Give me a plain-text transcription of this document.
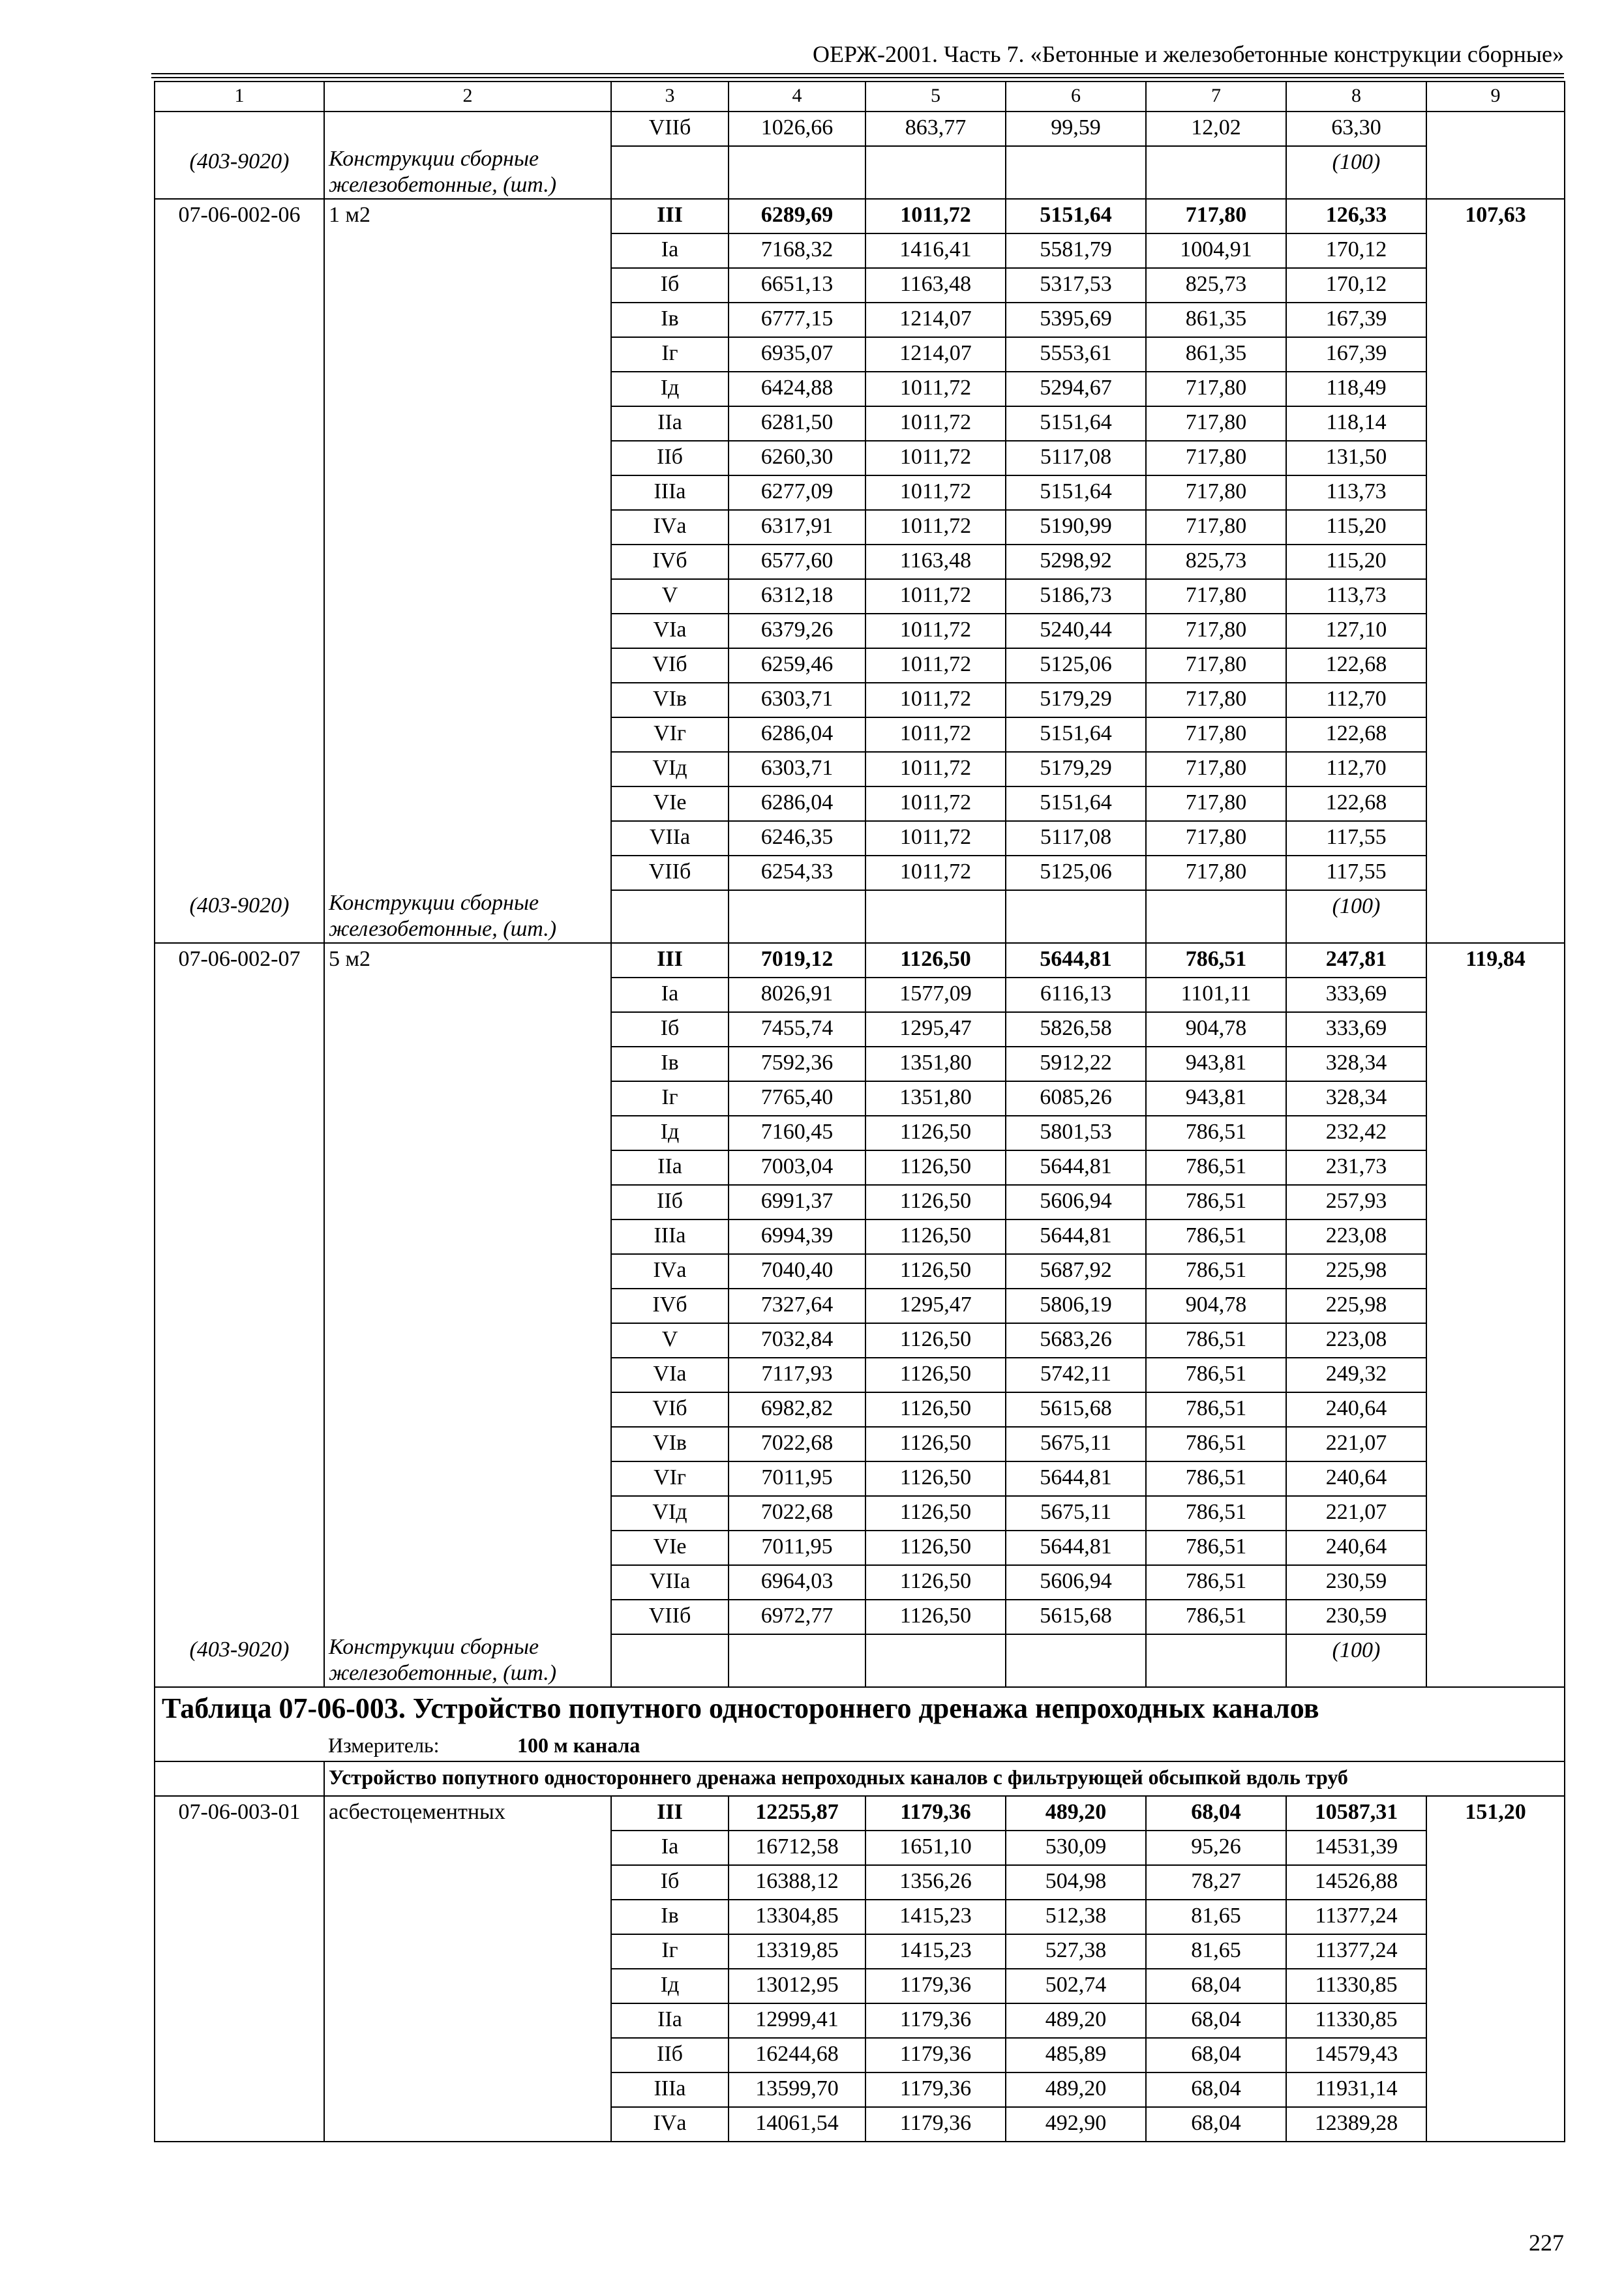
ОЕРЖ-2001. Часть 7. «Бетонные и железобетонные конструкции сборные»
1	2	3	4	5	6	7	8	9
		VIIб	1026,66	863,77	99,59	12,02	63,30	
(403-9020)	Конструкции сборные железобетонные, (шт.)						(100)	
07-06-002-06	1 м2	III	6289,69	1011,72	5151,64	717,80	126,33	107,63
		Iа	7168,32	1416,41	5581,79	1004,91	170,12	
		Iб	6651,13	1163,48	5317,53	825,73	170,12	
		Iв	6777,15	1214,07	5395,69	861,35	167,39	
		Iг	6935,07	1214,07	5553,61	861,35	167,39	
		Iд	6424,88	1011,72	5294,67	717,80	118,49	
		IIа	6281,50	1011,72	5151,64	717,80	118,14	
		IIб	6260,30	1011,72	5117,08	717,80	131,50	
		IIIа	6277,09	1011,72	5151,64	717,80	113,73	
		IVа	6317,91	1011,72	5190,99	717,80	115,20	
		IVб	6577,60	1163,48	5298,92	825,73	115,20	
		V	6312,18	1011,72	5186,73	717,80	113,73	
		VIа	6379,26	1011,72	5240,44	717,80	127,10	
		VIб	6259,46	1011,72	5125,06	717,80	122,68	
		VIв	6303,71	1011,72	5179,29	717,80	112,70	
		VIг	6286,04	1011,72	5151,64	717,80	122,68	
		VIд	6303,71	1011,72	5179,29	717,80	112,70	
		VIе	6286,04	1011,72	5151,64	717,80	122,68	
		VIIа	6246,35	1011,72	5117,08	717,80	117,55	
		VIIб	6254,33	1011,72	5125,06	717,80	117,55	
(403-9020)	Конструкции сборные железобетонные, (шт.)						(100)	
07-06-002-07	5 м2	III	7019,12	1126,50	5644,81	786,51	247,81	119,84
		Iа	8026,91	1577,09	6116,13	1101,11	333,69	
		Iб	7455,74	1295,47	5826,58	904,78	333,69	
		Iв	7592,36	1351,80	5912,22	943,81	328,34	
		Iг	7765,40	1351,80	6085,26	943,81	328,34	
		Iд	7160,45	1126,50	5801,53	786,51	232,42	
		IIа	7003,04	1126,50	5644,81	786,51	231,73	
		IIб	6991,37	1126,50	5606,94	786,51	257,93	
		IIIа	6994,39	1126,50	5644,81	786,51	223,08	
		IVа	7040,40	1126,50	5687,92	786,51	225,98	
		IVб	7327,64	1295,47	5806,19	904,78	225,98	
		V	7032,84	1126,50	5683,26	786,51	223,08	
		VIа	7117,93	1126,50	5742,11	786,51	249,32	
		VIб	6982,82	1126,50	5615,68	786,51	240,64	
		VIв	7022,68	1126,50	5675,11	786,51	221,07	
		VIг	7011,95	1126,50	5644,81	786,51	240,64	
		VIд	7022,68	1126,50	5675,11	786,51	221,07	
		VIе	7011,95	1126,50	5644,81	786,51	240,64	
		VIIа	6964,03	1126,50	5606,94	786,51	230,59	
		VIIб	6972,77	1126,50	5615,68	786,51	230,59	
(403-9020)	Конструкции сборные железобетонные, (шт.)						(100)	
Таблица 07-06-003. Устройство попутного одностороннего дренажа непроходных каналов								
	Измеритель: 100 м канала							
	Устройство попутного одностороннего дренажа непроходных каналов с фильтрующей обсыпкой вдоль труб							
07-06-003-01	асбестоцементных	III	12255,87	1179,36	489,20	68,04	10587,31	151,20
		Iа	16712,58	1651,10	530,09	95,26	14531,39	
		Iб	16388,12	1356,26	504,98	78,27	14526,88	
		Iв	13304,85	1415,23	512,38	81,65	11377,24	
		Iг	13319,85	1415,23	527,38	81,65	11377,24	
		Iд	13012,95	1179,36	502,74	68,04	11330,85	
		IIа	12999,41	1179,36	489,20	68,04	11330,85	
		IIб	16244,68	1179,36	485,89	68,04	14579,43	
		IIIа	13599,70	1179,36	489,20	68,04	11931,14	
		IVа	14061,54	1179,36	492,90	68,04	12389,28	
227
